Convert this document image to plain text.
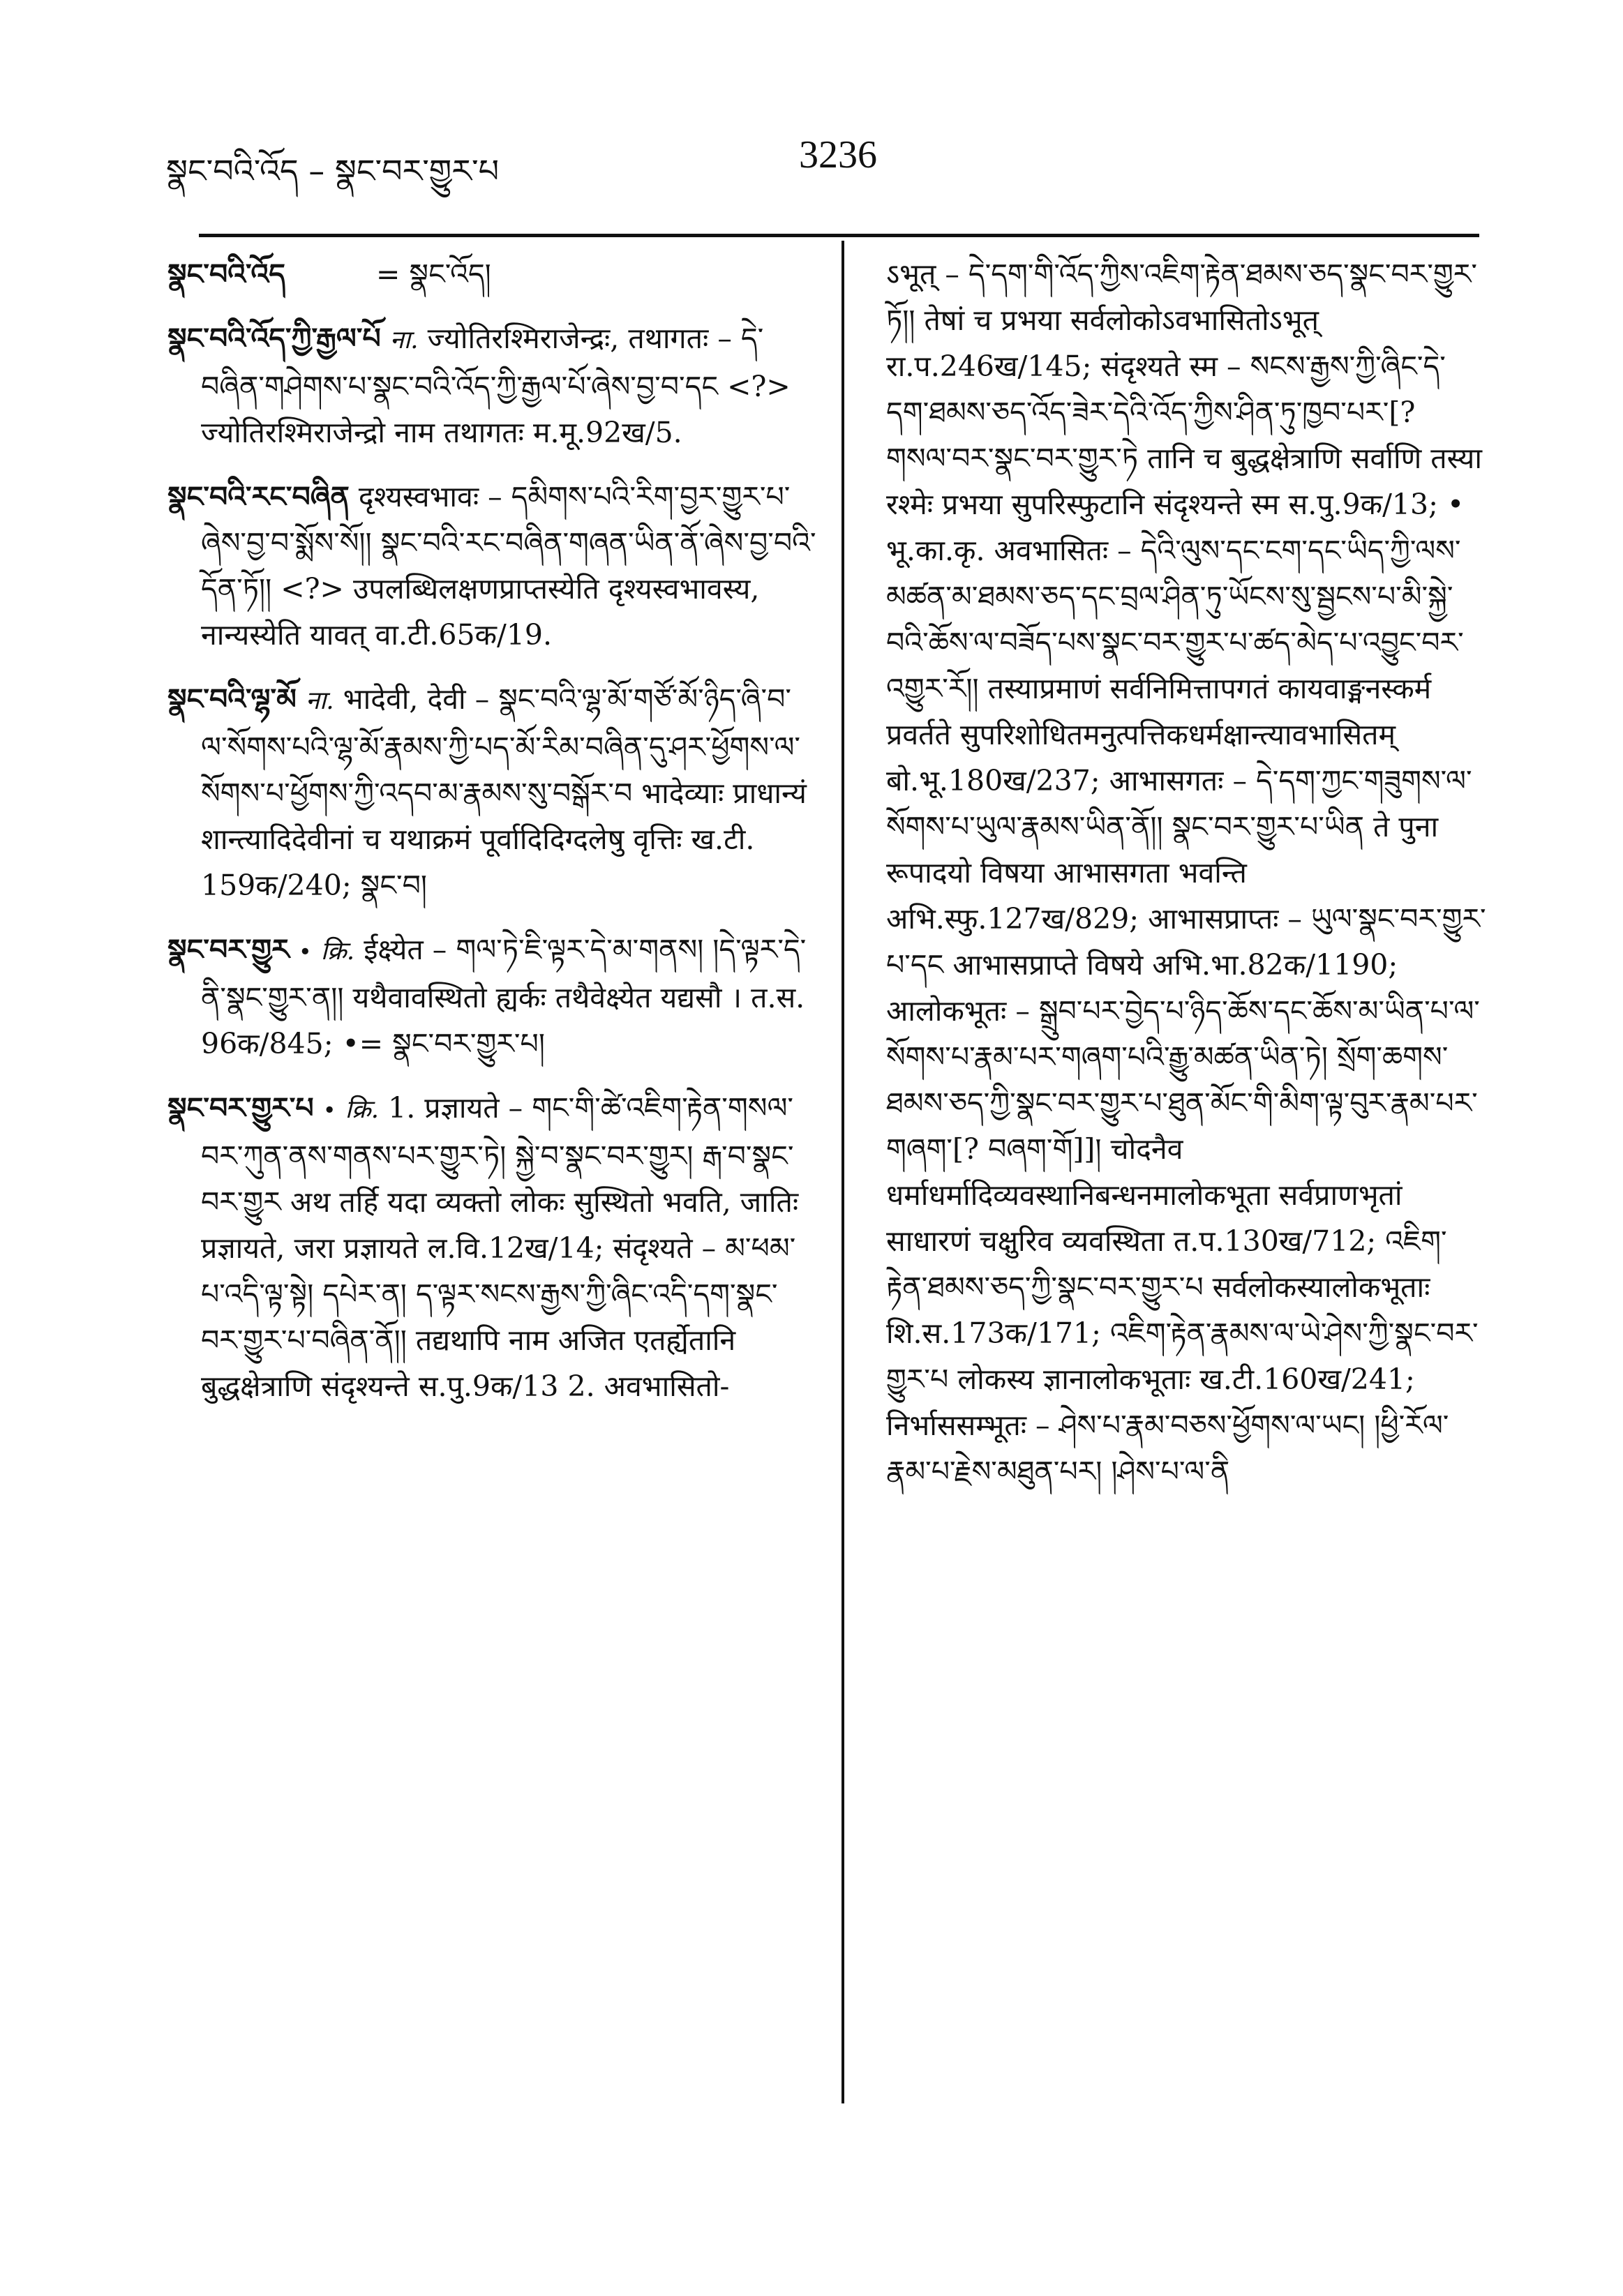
སྣང་བའི་འོད – སྣང་བར་གྱུར་པ	3236

སྣང་བའི་འོད	= སྣང་འོད།

སྣང་བའི་འོད་ཀྱི་རྒྱལ་པོ ना. ज्योतिरश्मिराजेन्द्रः, तथागतः – དེ་བཞིན་གཤེགས་པ་སྣང་བའི་འོད་ཀྱི་རྒྱལ་པོ་ཞེས་བྱ་བ་དང <?> ज्योतिरश्मिराजेन्द्रो नाम तथागतः म.मू.92ख/5.

སྣང་བའི་རང་བཞིན दृश्यस्वभावः – དམིགས་པའི་རིག་བྱར་གྱུར་པ་ཞེས་བྱ་བ་སྨོས་སོ།། སྣང་བའི་རང་བཞིན་གཞན་ཡིན་ནོ་ཞེས་བྱ་བའི་དོན་ཏོ།། <?> उपलब्धिलक्षणप्राप्तस्येति दृश्यस्वभावस्य, नान्यस्येति यावत् वा.टी.65क/19.

སྣང་བའི་ལྷ་མོ ना. भादेवी, देवी – སྣང་བའི་ལྷ་མོ་གཙོ་མོ་ཉིད་ཞི་བ་ལ་སོགས་པའི་ལྷ་མོ་རྣམས་ཀྱི་པད་མོ་རིམ་བཞིན་དུ་ཤར་ཕྱོགས་ལ་སོགས་པ་ཕྱོགས་ཀྱི་འདབ་མ་རྣམས་སུ་བསྒོར་བ भादेव्याः प्राधान्यं शान्त्यादिदेवीनां च यथाक्रमं पूर्वादिदिग्दलेषु वृत्तिः ख.टी. 159क/240; སྣང་བ།

སྣང་བར་གྱུར • क्रि. ईक्ष्येत – གལ་ཏེ་ཇི་ལྟར་དེ་མ་གནས། །དེ་ལྟར་དེ་ནི་སྣང་གྱུར་ན།། यथैवावस्थितो ह्यर्कः तथैवेक्ष्येत यद्यसौ । त.स. 96क/845; •= སྣང་བར་གྱུར་པ།

སྣང་བར་གྱུར་པ • क्रि. 1. प्रज्ञायते – གང་གི་ཚེ་འཇིག་རྟེན་གསལ་བར་ཀུན་ནས་གནས་པར་གྱུར་ཏེ། སྐྱེ་བ་སྣང་བར་གྱུར། རྒ་བ་སྣང་བར་གྱུར अथ तर्हि यदा व्यक्तो लोकः सुस्थितो भवति, जातिः प्रज्ञायते, जरा प्रज्ञायते ल.वि.12ख/14; संदृश्यते – མ་ཕམ་པ་འདི་ལྟ་སྟེ། དཔེར་ན། ད་ལྟར་སངས་རྒྱས་ཀྱི་ཞིང་འདི་དག་སྣང་བར་གྱུར་པ་བཞིན་ནོ།། तद्यथापि नाम अजित एतर्ह्येतानि बुद्धक्षेत्राणि संदृश्यन्ते स.पु.9क/13 2. अवभासितो-

ऽभूत् – དེ་དག་གི་འོད་ཀྱིས་འཇིག་རྟེན་ཐམས་ཅད་སྣང་བར་གྱུར་ཏོ།། तेषां च प्रभया सर्वलोकोऽवभासितोऽभूत् रा.प.246ख/145; संदृश्यते स्म – སངས་རྒྱས་ཀྱི་ཞིང་དེ་དག་ཐམས་ཅད་འོད་ཟེར་དེའི་འོད་ཀྱིས་ཤིན་ཏུ་ཁྱབ་པར་[? གསལ་བར་སྣང་བར་གྱུར་ཏེ तानि च बुद्धक्षेत्राणि सर्वाणि तस्या रश्मेः प्रभया सुपरिस्फुटानि संदृश्यन्ते स्म स.पु.9क/13; • भू.का.कृ. अवभासितः – དེའི་ལུས་དང་ངག་དང་ཡིད་ཀྱི་ལས་མཚན་མ་ཐམས་ཅད་དང་བྲལ་ཤིན་ཏུ་ཡོངས་སུ་སྦྱངས་པ་མི་སྐྱེ་བའི་ཆོས་ལ་བཟོད་པས་སྣང་བར་གྱུར་པ་ཚད་མེད་པ་འབྱུང་བར་འགྱུར་རོ།། तस्याप्रमाणं सर्वनिमित्तापगतं कायवाङ्मनस्कर्म प्रवर्तते सुपरिशोधितमनुत्पत्तिकधर्मक्षान्त्यावभासितम् बो.भू.180ख/237; आभासगतः – དེ་དག་ཀྱང་གཟུགས་ལ་སོགས་པ་ཡུལ་རྣམས་ཡིན་ནོ།། སྣང་བར་གྱུར་པ་ཡིན ते पुना रूपादयो विषया आभासगता भवन्ति अभि.स्फु.127ख/829; आभासप्राप्तः – ཡུལ་སྣང་བར་གྱུར་པ་དང आभासप्राप्ते विषये अभि.भा.82क/1190; आलोकभूतः – སྒྲུབ་པར་བྱེད་པ་ཉིད་ཆོས་དང་ཆོས་མ་ཡིན་པ་ལ་སོགས་པ་རྣམ་པར་གཞག་པའི་རྒྱུ་མཚན་ཡིན་ཏེ། སྲོག་ཆགས་ཐམས་ཅད་ཀྱི་སྣང་བར་གྱུར་པ་ཐུན་མོང་གི་མིག་ལྟ་བུར་རྣམ་པར་གཞག་[? བཞག་གོ]]། चोदनैव धर्माधर्मादिव्यवस्थानिबन्धनमालोकभूता सर्वप्राणभृतां साधारणं चक्षुरिव व्यवस्थिता त.प.130ख/712; འཇིག་རྟེན་ཐམས་ཅད་ཀྱི་སྣང་བར་གྱུར་པ सर्वलोकस्यालोकभूताः शि.स.173क/171; འཇིག་རྟེན་རྣམས་ལ་ཡེ་ཤེས་ཀྱི་སྣང་བར་གྱུར་པ लोकस्य ज्ञानालोकभूताः ख.टी.160ख/241; निर्भाससम्भूतः – ཤེས་པ་རྣམ་བཅས་ཕྱོགས་ལ་ཡང། །ཕྱི་རོལ་རྣམ་པ་རྗེས་མཐུན་པར། །ཤེས་པ་ལ་ནི
